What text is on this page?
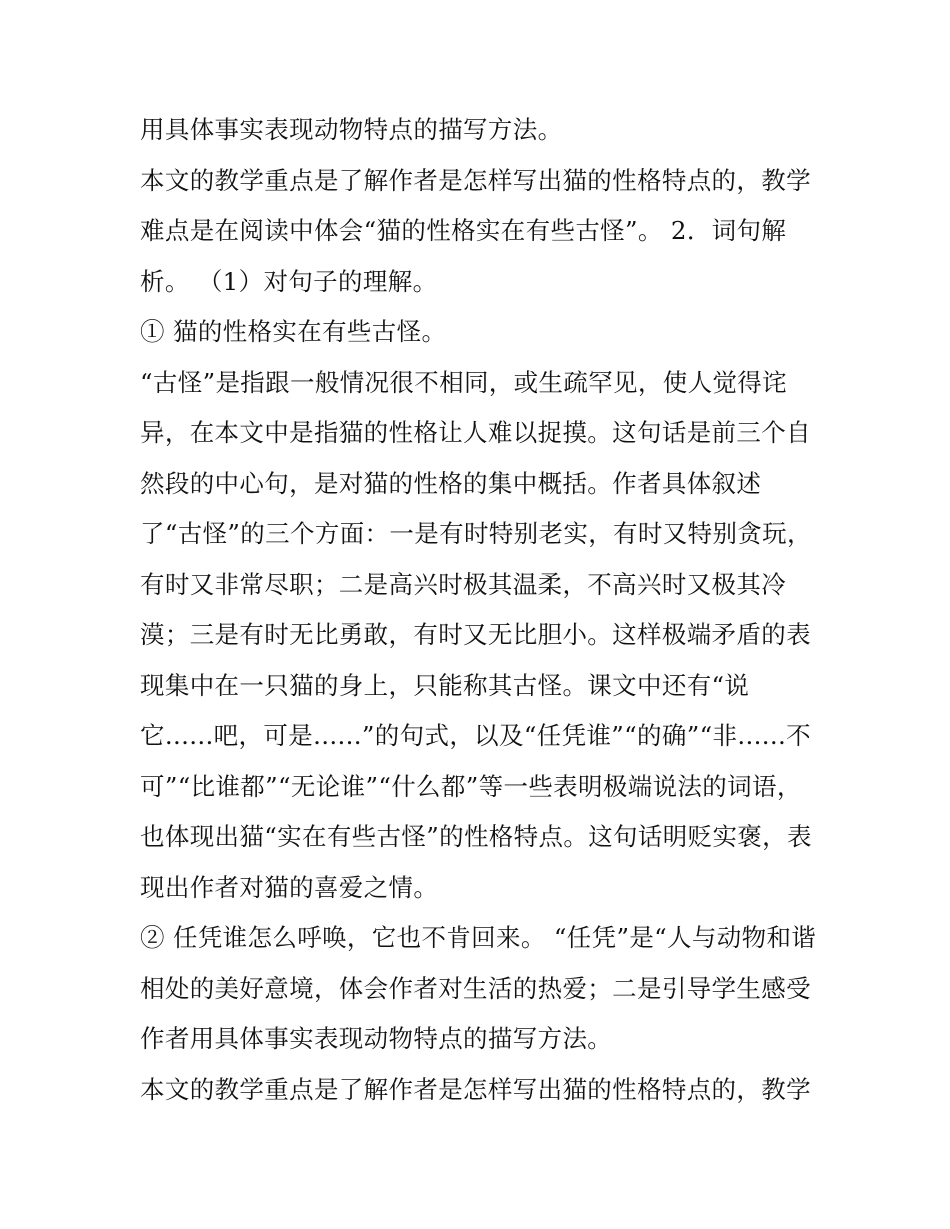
用具体事实表现动物特点的描写方法。
本文的教学重点是了解作者是怎样写出猫的性格特点的，教学
难点是在阅读中体会“猫的性格实在有些古怪”。 2．词句解
析。 （1）对句子的理解。
① 猫的性格实在有些古怪。
“古怪”是指跟一般情况很不相同，或生疏罕见，使人觉得诧
异，在本文中是指猫的性格让人难以捉摸。这句话是前三个自
然段的中心句，是对猫的性格的集中概括。作者具体叙述
了“古怪”的三个方面：一是有时特别老实，有时又特别贪玩，
有时又非常尽职；二是高兴时极其温柔，不高兴时又极其冷
漠；三是有时无比勇敢，有时又无比胆小。这样极端矛盾的表
现集中在一只猫的身上，只能称其古怪。课文中还有“说
它......吧，可是......”的句式，以及“任凭谁”“的确”“非......不
可”“比谁都”“无论谁”“什么都”等一些表明极端说法的词语，
也体现出猫“实在有些古怪”的性格特点。这句话明贬实褒，表
现出作者对猫的喜爱之情。
② 任凭谁怎么呼唤，它也不肯回来。 “任凭”是“人与动物和谐
相处的美好意境，体会作者对生活的热爱；二是引导学生感受
作者用具体事实表现动物特点的描写方法。
本文的教学重点是了解作者是怎样写出猫的性格特点的，教学
